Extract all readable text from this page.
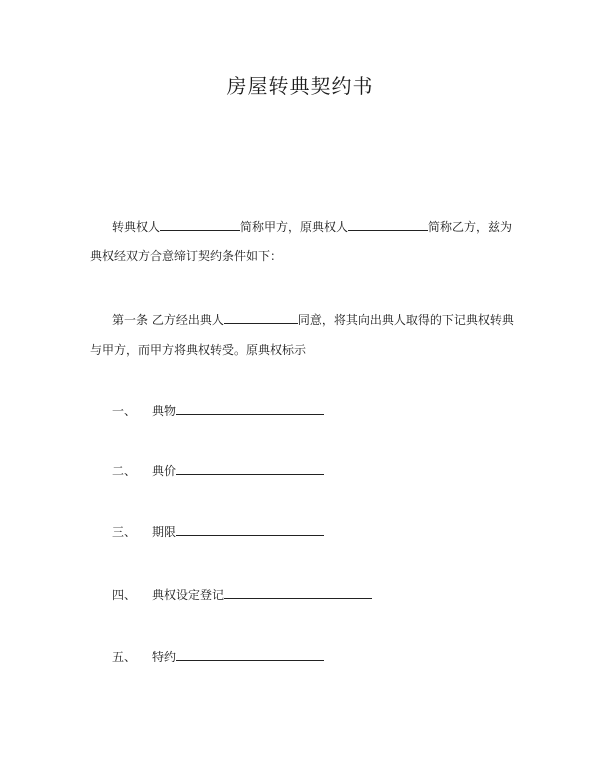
房屋转典契约书
转典权人	简称甲方，原典权人	简称乙方，兹为
典权经双方合意缔订契约条件如下：
第一条 乙方经出典人	同意，将其向出典人取得的下记典权转典
与甲方，而甲方将典权转受。原典权标示
一、 典物
二、 典价
三、 期限
四、 典权设定登记
五、 特约
